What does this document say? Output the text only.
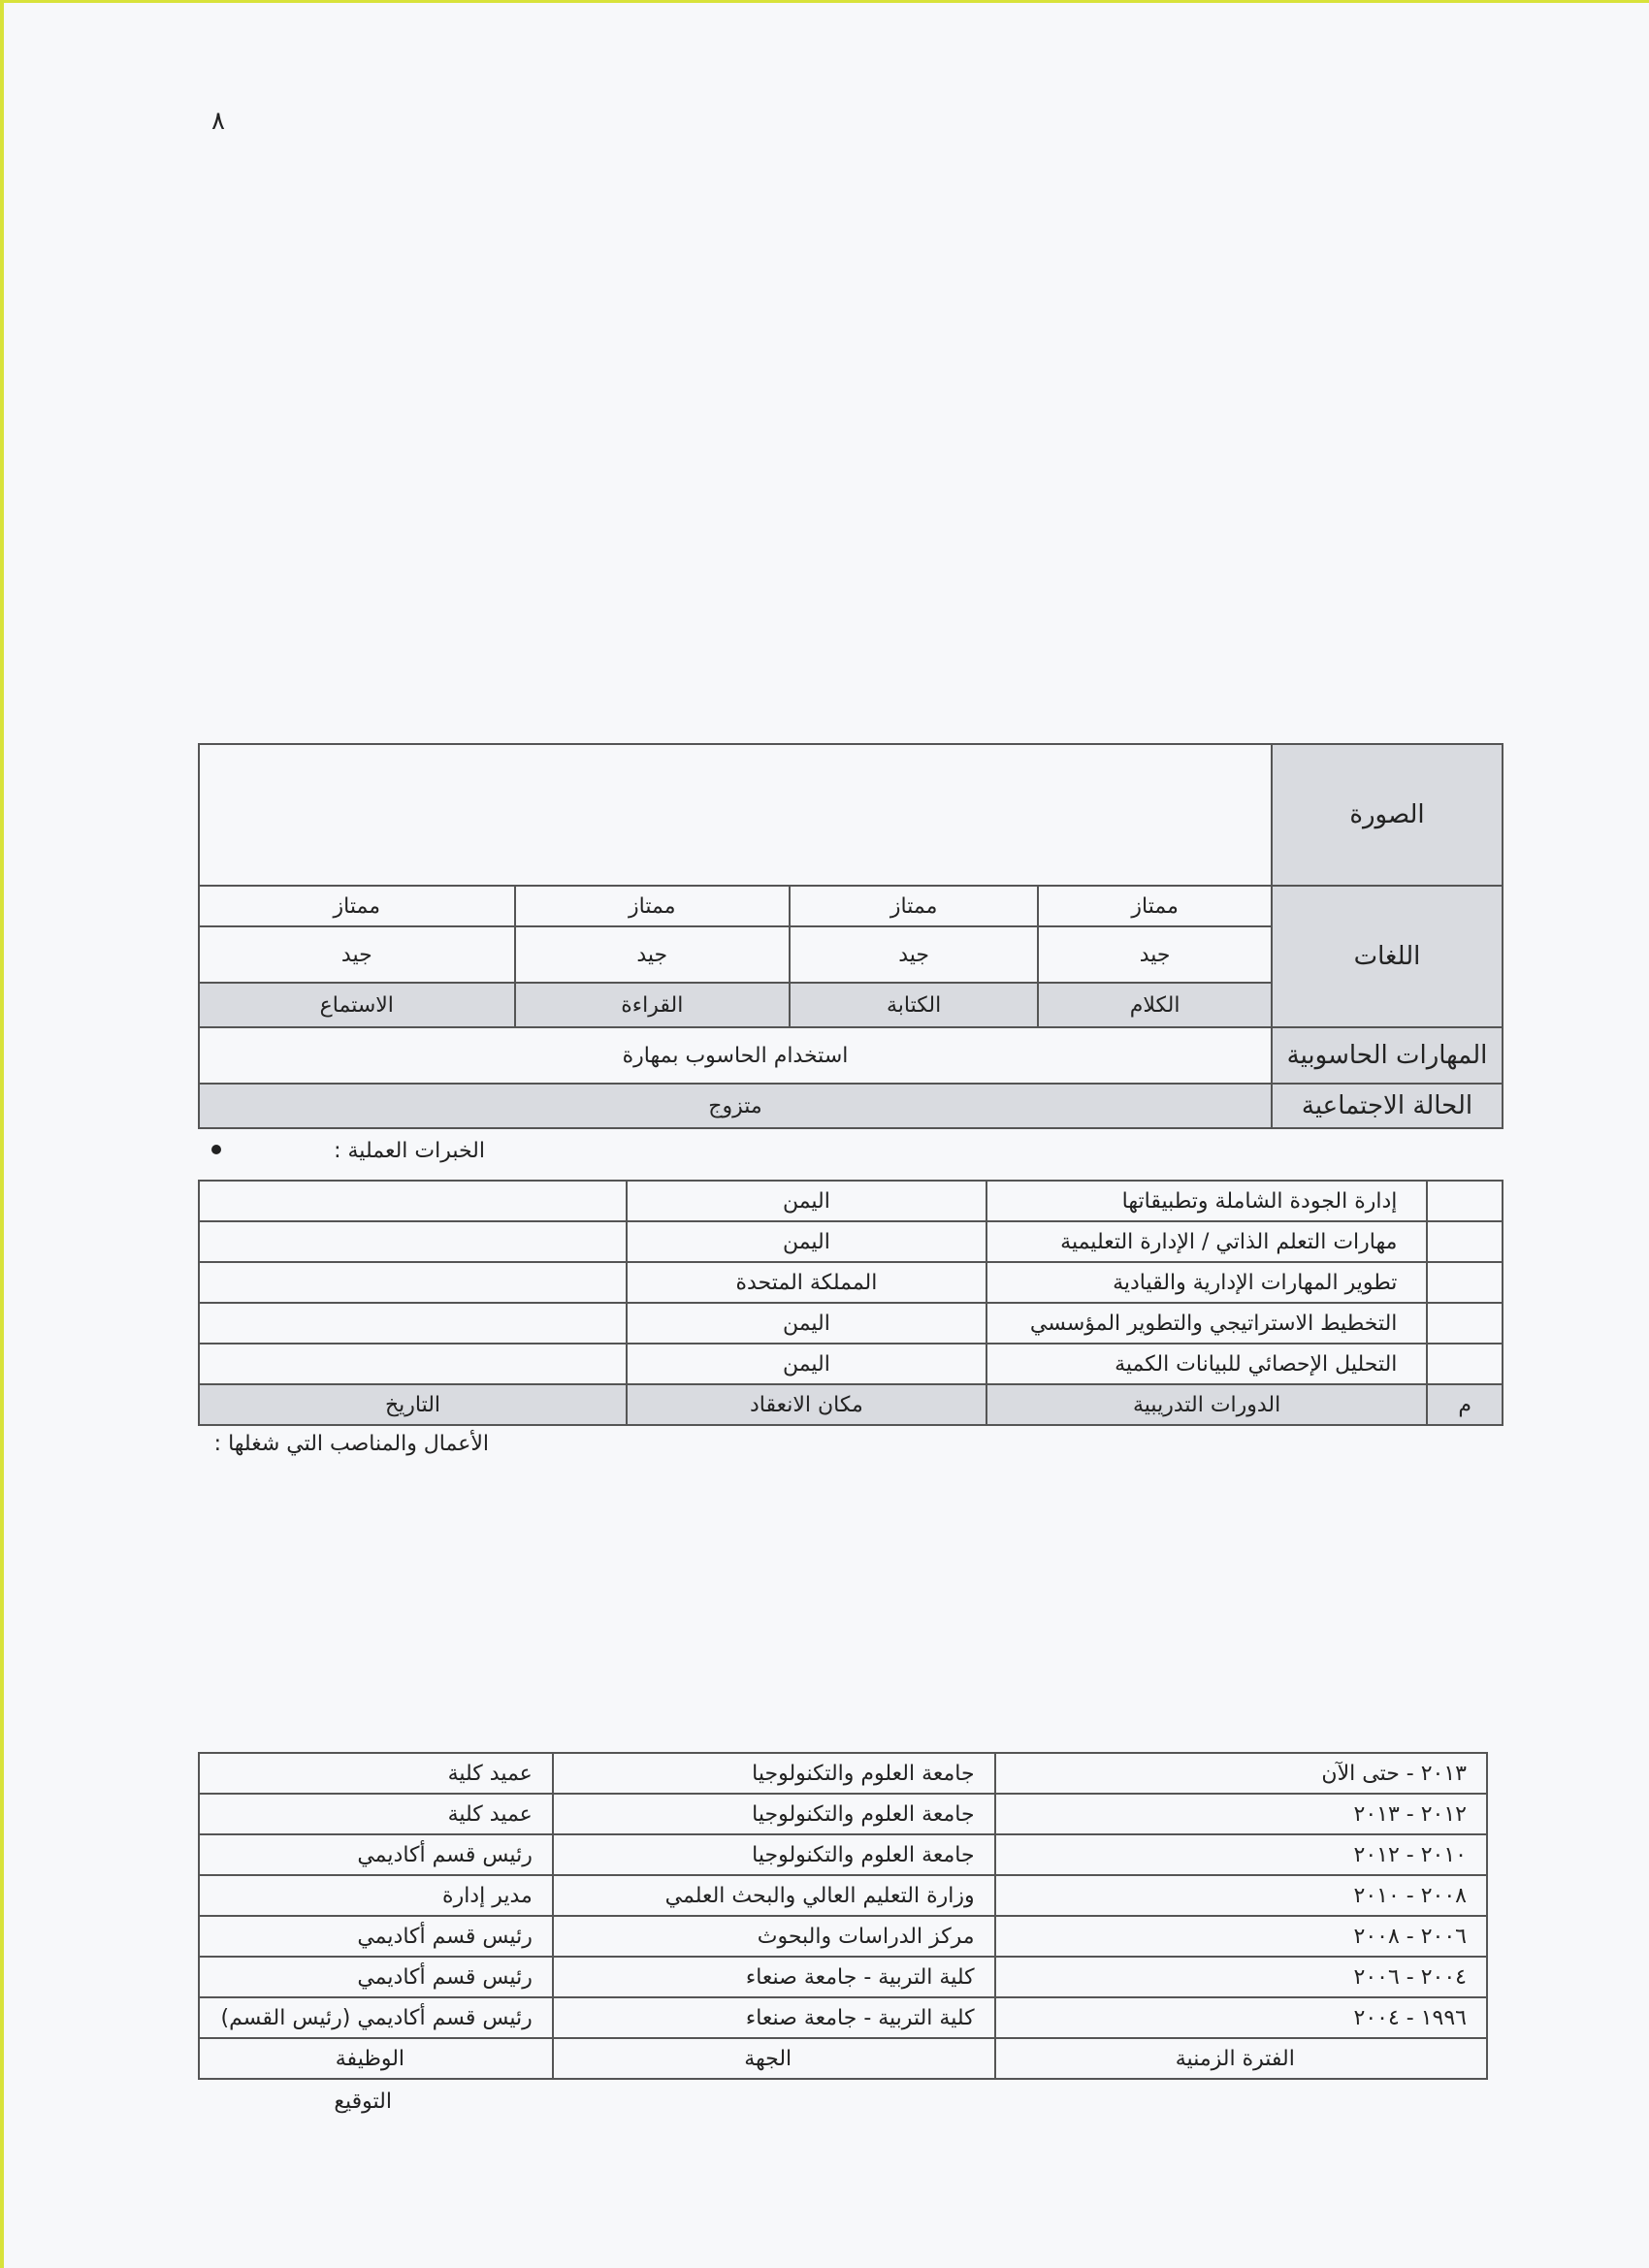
٨
الصورة				
اللغات	ممتاز	ممتاز	ممتاز	ممتاز
	جيد	جيد	جيد	جيد
	الكلام	الكتابة	القراءة	الاستماع
المهارات الحاسوبية	استخدام الحاسوب بمهارة			
الحالة الاجتماعية	متزوج			
الخبرات العملية :
	إدارة الجودة الشاملة وتطبيقاتها	اليمن	
	مهارات التعلم الذاتي / الإدارة التعليمية	اليمن	
	تطوير المهارات الإدارية والقيادية	المملكة المتحدة	
	التخطيط الاستراتيجي والتطوير المؤسسي	اليمن	
	التحليل الإحصائي للبيانات الكمية	اليمن	
م	الدورات التدريبية	مكان الانعقاد	التاريخ
الأعمال والمناصب التي شغلها :
٢٠١٣ - حتى الآن	جامعة العلوم والتكنولوجيا	عميد كلية
٢٠١٢ - ٢٠١٣	جامعة العلوم والتكنولوجيا	عميد كلية
٢٠١٠ - ٢٠١٢	جامعة العلوم والتكنولوجيا	رئيس قسم أكاديمي
٢٠٠٨ - ٢٠١٠	وزارة التعليم العالي والبحث العلمي	مدير إدارة
٢٠٠٦ - ٢٠٠٨	مركز الدراسات والبحوث	رئيس قسم أكاديمي
٢٠٠٤ - ٢٠٠٦	كلية التربية - جامعة صنعاء	رئيس قسم أكاديمي
١٩٩٦ - ٢٠٠٤	كلية التربية - جامعة صنعاء	رئيس قسم أكاديمي (رئيس القسم)
الفترة الزمنية	الجهة	الوظيفة
التوقيع
